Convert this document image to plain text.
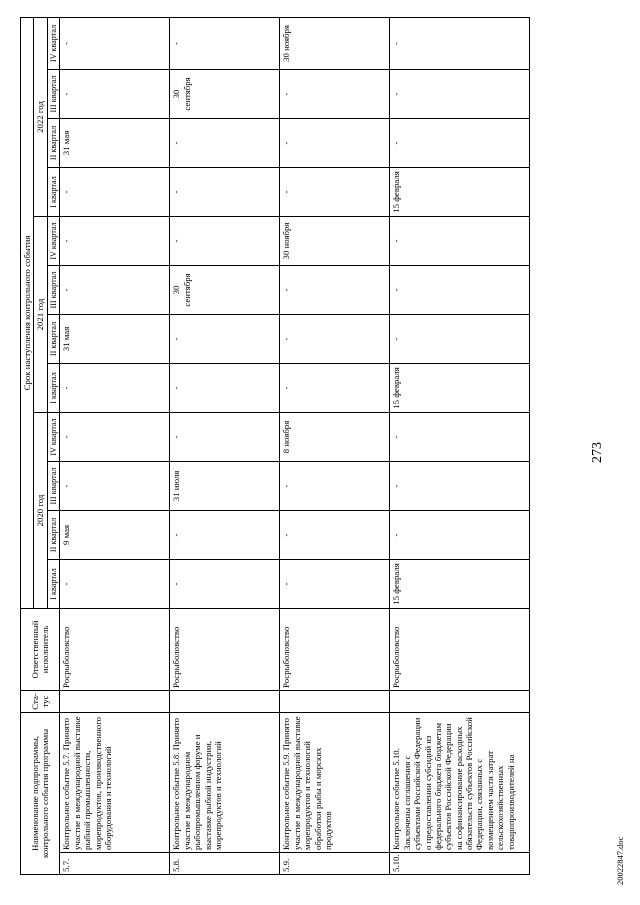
Наименование подпрограммы, контрольного события программы		Ста-тус	Ответственный исполнитель	Срок наступления контрольного события											
				2020 год				2021 год				2022 год			
				I квартал	II квартал	III квартал	IV квартал	I квартал	II квартал	III квартал	IV квартал	I квартал	II квартал	III квартал	IV квартал
5.7.	Контрольное событие 5.7. Принято участие в международной выставке рыбной промышленности, морепродуктов, производственного оборудования и технологий		Росрыболовство	-	9 мая	-	-	-	31 мая	-	-	-	31 мая	-	-
5.8.	Контрольное событие 5.8. Принято участие в международном рыбопромышленном форуме и выставке рыбной индустрии, морепродуктов и технологий		Росрыболовство	-	-	31 июля	-	-	-	30 сентября	-	-	-	30 сентября	-
5.9.	Контрольное событие 5.9. Принято участие в международной выставке морепродуктов и технологий обработки рыбы и морских продуктов		Росрыболовство	-	-	-	8 ноября	-	-	-	30 ноября	-	-	-	30 ноября
5.10.	Контрольное событие 5.10. Заключены соглашения с субъектами Российской Федерации о предоставлении субсидий из федерального бюджета бюджетам субъектов Российской Федерации на софинансирование расходных обязательств субъектов Российской Федерации, связанных с возмещением части затрат сельскохозяйственных товаропроизводителей на		Росрыболовство	15 февраля	-	-	-	15 февраля	-	-	-	15 февраля	-	-	-
273
20022847.doc
